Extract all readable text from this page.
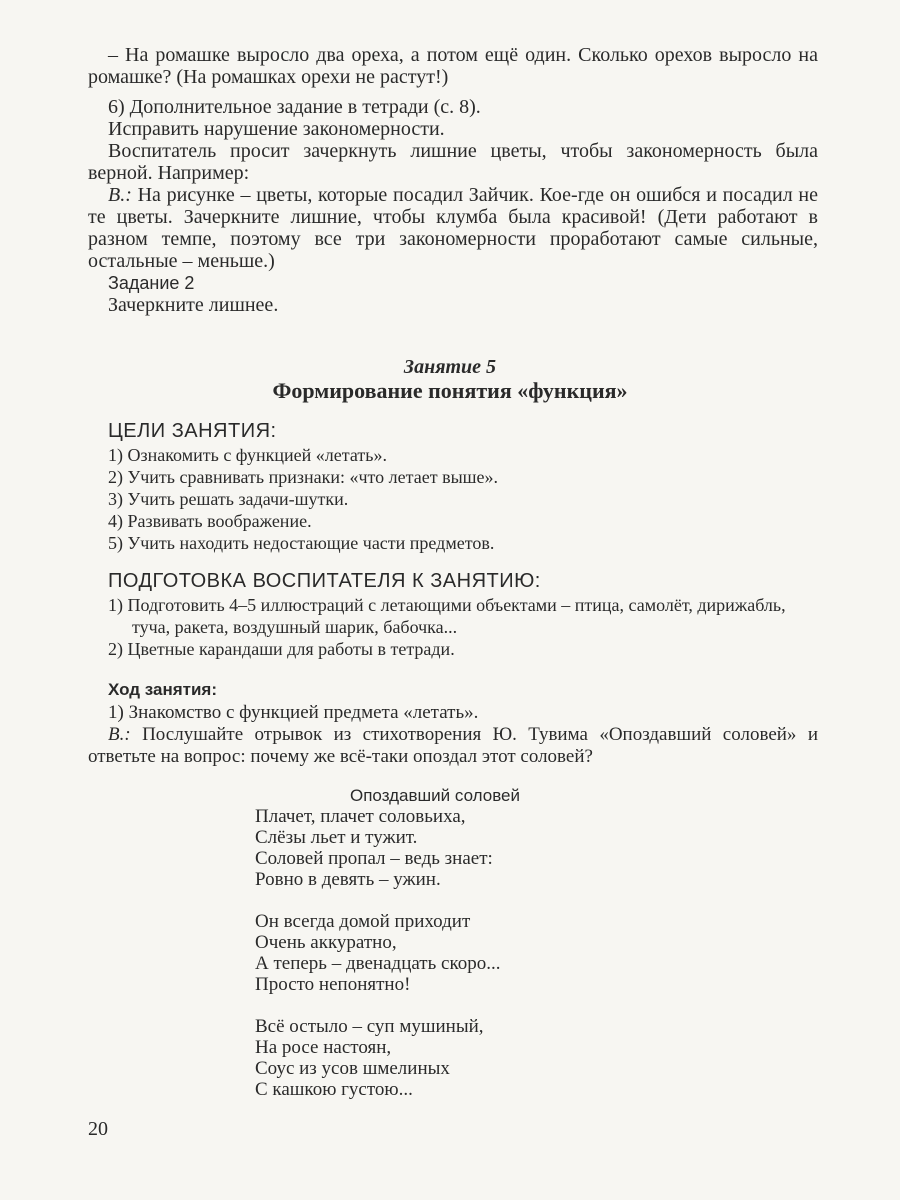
– На ромашке выросло два ореха, а потом ещё один. Сколько орехов выросло на ромашке? (На ромашках орехи не растут!)
6) Дополнительное задание в тетради (с. 8).
Исправить нарушение закономерности.
Воспитатель просит зачеркнуть лишние цветы, чтобы закономерность была верной. Например:
В.: На рисунке – цветы, которые посадил Зайчик. Кое-где он ошибся и посадил не те цветы. Зачеркните лишние, чтобы клумба была красивой! (Дети работают в разном темпе, поэтому все три закономерности проработают самые сильные, остальные – меньше.)
Задание 2
Зачеркните лишнее.
Занятие 5
Формирование понятия «функция»
ЦЕЛИ ЗАНЯТИЯ:
1) Ознакомить с функцией «летать».
2) Учить сравнивать признаки: «что летает выше».
3) Учить решать задачи-шутки.
4) Развивать воображение.
5) Учить находить недостающие части предметов.
ПОДГОТОВКА ВОСПИТАТЕЛЯ К ЗАНЯТИЮ:
1) Подготовить 4–5 иллюстраций с летающими объектами – птица, самолёт, дирижабль, туча, ракета, воздушный шарик, бабочка...
2) Цветные карандаши для работы в тетради.
Ход занятия:
1) Знакомство с функцией предмета «летать».
В.: Послушайте отрывок из стихотворения Ю. Тувима «Опоздавший соловей» и ответьте на вопрос: почему же всё-таки опоздал этот соловей?
Опоздавший соловей
Плачет, плачет соловьиха,
Слёзы льет и тужит.
Соловей пропал – ведь знает:
Ровно в девять – ужин.
Он всегда домой приходит
Очень аккуратно,
А теперь – двенадцать скоро...
Просто непонятно!
Всё остыло – суп мушиный,
На росе настоян,
Соус из усов шмелиных
С кашкою густою...
20
